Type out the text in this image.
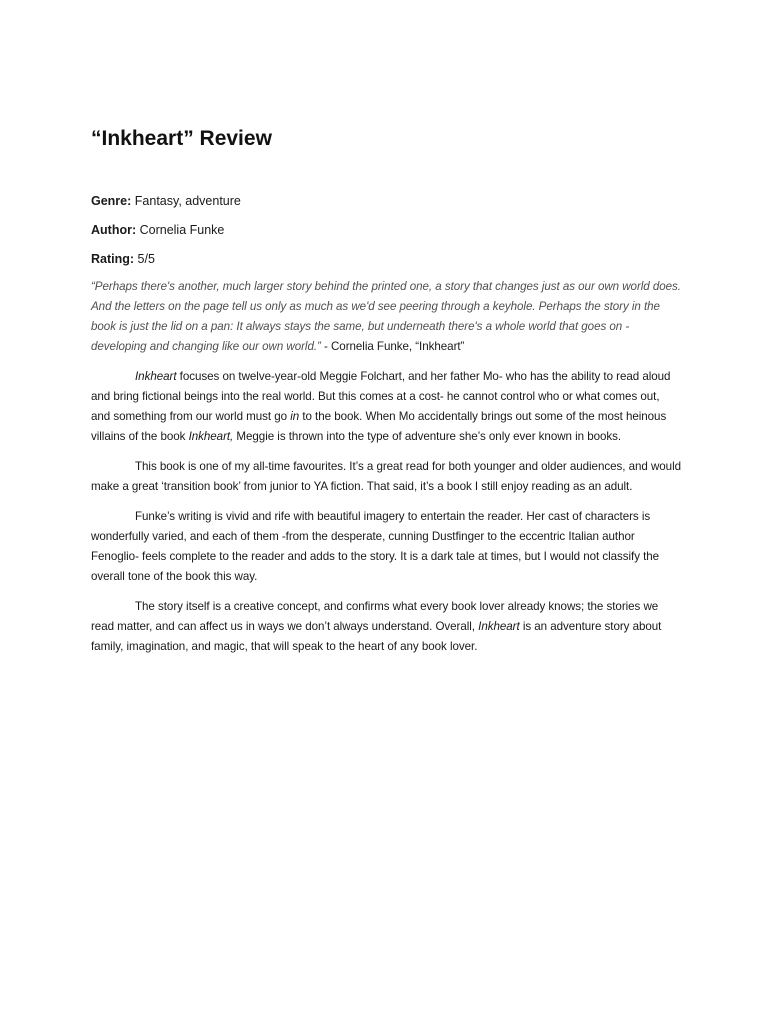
“Inkheart” Review

Genre: Fantasy, adventure

Author: Cornelia Funke

Rating: 5/5

“Perhaps there's another, much larger story behind the printed one, a story that changes just as our own world does. And the letters on the page tell us only as much as we'd see peering through a keyhole. Perhaps the story in the book is just the lid on a pan: It always stays the same, but underneath there's a whole world that goes on - developing and changing like our own world.” - Cornelia Funke, “Inkheart”

Inkheart focuses on twelve-year-old Meggie Folchart, and her father Mo- who has the ability to read aloud and bring fictional beings into the real world. But this comes at a cost- he cannot control who or what comes out, and something from our world must go in to the book. When Mo accidentally brings out some of the most heinous villains of the book Inkheart, Meggie is thrown into the type of adventure she’s only ever known in books.

This book is one of my all-time favourites. It’s a great read for both younger and older audiences, and would make a great ‘transition book’ from junior to YA fiction. That said, it’s a book I still enjoy reading as an adult.

Funke’s writing is vivid and rife with beautiful imagery to entertain the reader. Her cast of characters is wonderfully varied, and each of them -from the desperate, cunning Dustfinger to the eccentric Italian author Fenoglio- feels complete to the reader and adds to the story. It is a dark tale at times, but I would not classify the overall tone of the book this way.

The story itself is a creative concept, and confirms what every book lover already knows; the stories we read matter, and can affect us in ways we don’t always understand. Overall, Inkheart is an adventure story about family, imagination, and magic, that will speak to the heart of any book lover.
